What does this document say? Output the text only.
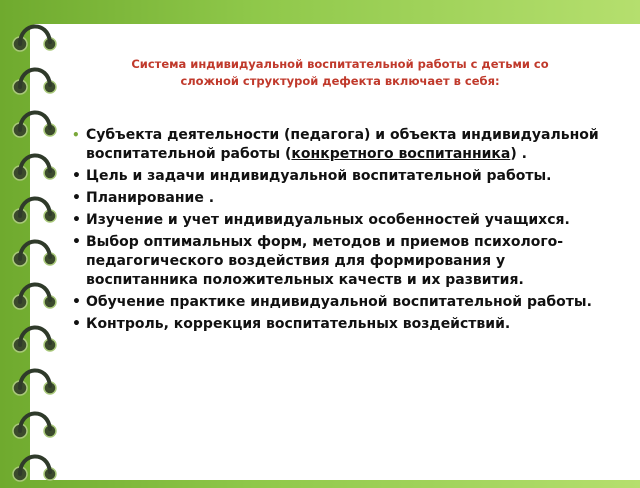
Система индивидуальной воспитательной работы с детьми со
сложной структурой дефекта включает в себя:
• Субъекта деятельности (педагога) и объекта индивидуальной воспитательной работы (конкретного воспитанника) .
• Цель и задачи индивидуальной воспитательной работы.
• Планирование .
• Изучение и учет индивидуальных особенностей учащихся.
• Выбор оптимальных форм, методов и приемов психолого-педагогического воздействия для формирования у воспитанника положительных качеств и их развития.
• Обучение практике индивидуальной воспитательной работы.
• Контроль, коррекция воспитательных воздействий.
